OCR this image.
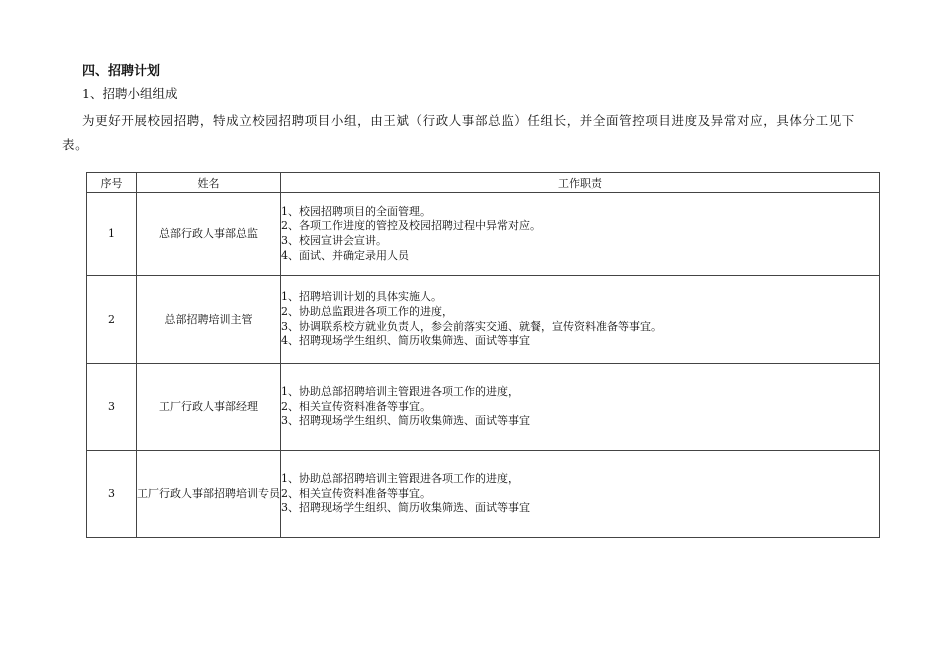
四、招聘计划
1、招聘小组组成
为更好开展校园招聘，特成立校园招聘项目小组，由王斌（行政人事部总监）任组长，并全面管控项目进度及异常对应，具体分工见下表。
序号	姓名	工作职责
1	总部行政人事部总监	1、校园招聘项目的全面管理。
2、各项工作进度的管控及校园招聘过程中异常对应。
3、校园宣讲会宣讲。
4、面试、并确定录用人员

2	总部招聘培训主管	1、招聘培训计划的具体实施人。
2、协助总监跟进各项工作的进度，
3、协调联系校方就业负责人，参会前落实交通、就餐，宣传资料准备等事宜。
4、招聘现场学生组织、简历收集筛选、面试等事宜

3	工厂行政人事部经理	1、协助总部招聘培训主管跟进各项工作的进度，
2、相关宣传资料准备等事宜。
3、招聘现场学生组织、简历收集筛选、面试等事宜

3	工厂行政人事部招聘培训专员	1、协助总部招聘培训主管跟进各项工作的进度，
2、相关宣传资料准备等事宜。
3、招聘现场学生组织、简历收集筛选、面试等事宜
